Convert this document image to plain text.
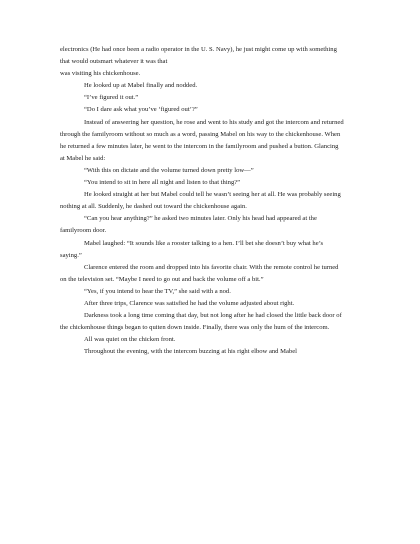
electronics (He had once been a radio operator in the U. S. Navy), he just might come up with something

that would outsmart whatever it was that

was visiting his chickenhouse.

He looked up at Mabel finally and nodded.

“I’ve figured it out.”

“Do I dare ask what you’ve ‘figured out’?”

Instead of answering her question, he rose and went to his study and got the intercom and returned

through the familyroom without so much as a word, passing Mabel on his way to the chickenhouse. When

he returned a few minutes later, he went to the intercom in the familyroom and pushed a button. Glancing

at Mabel he said:

“With this on dictate and the volume turned down pretty low—”

“You intend to sit in here all night and listen to that thing?”

He looked straight at her but Mabel could tell he wasn’t seeing her at all. He was probably seeing

nothing at all. Suddenly, he dashed out toward the chickenhouse again.

“Can you hear anything?” he asked two minutes later. Only his head had appeared at the

familyroom door.

Mabel laughed: “It sounds like a rooster talking to a hen. I’ll bet she doesn’t buy what he’s

saying.”

Clarence entered the room and dropped into his favorite chair. With the remote control he turned

on the television set. “Maybe I need to go out and back the volume off a bit.”

“Yes, if you intend to hear the TV,” she said with a nod.

After three trips, Clarence was satisfied he had the volume adjusted about right.

Darkness took a long time coming that day, but not long after he had closed the little back door of

the chickenhouse things began to quiten down inside. Finally, there was only the hum of the intercom.

All was quiet on the chicken front.

Throughout the evening, with the intercom buzzing at his right elbow and Mabel
